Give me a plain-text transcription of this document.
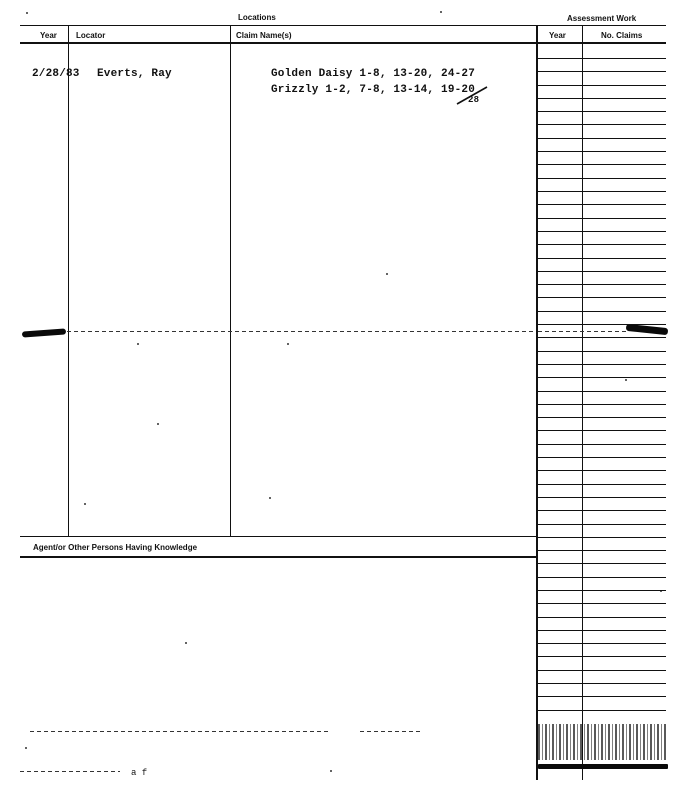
Locations	Assessment Work
Year Locator	Claim Name(s)	Year	No. Claims
2/28/83 Everts, Ray	Golden Daisy 1-8, 13-20, 24-27
Grizzly 1-2, 7-8, 13-14, 19-20
28
Agent/or Other Persons Having Knowledge
a f
